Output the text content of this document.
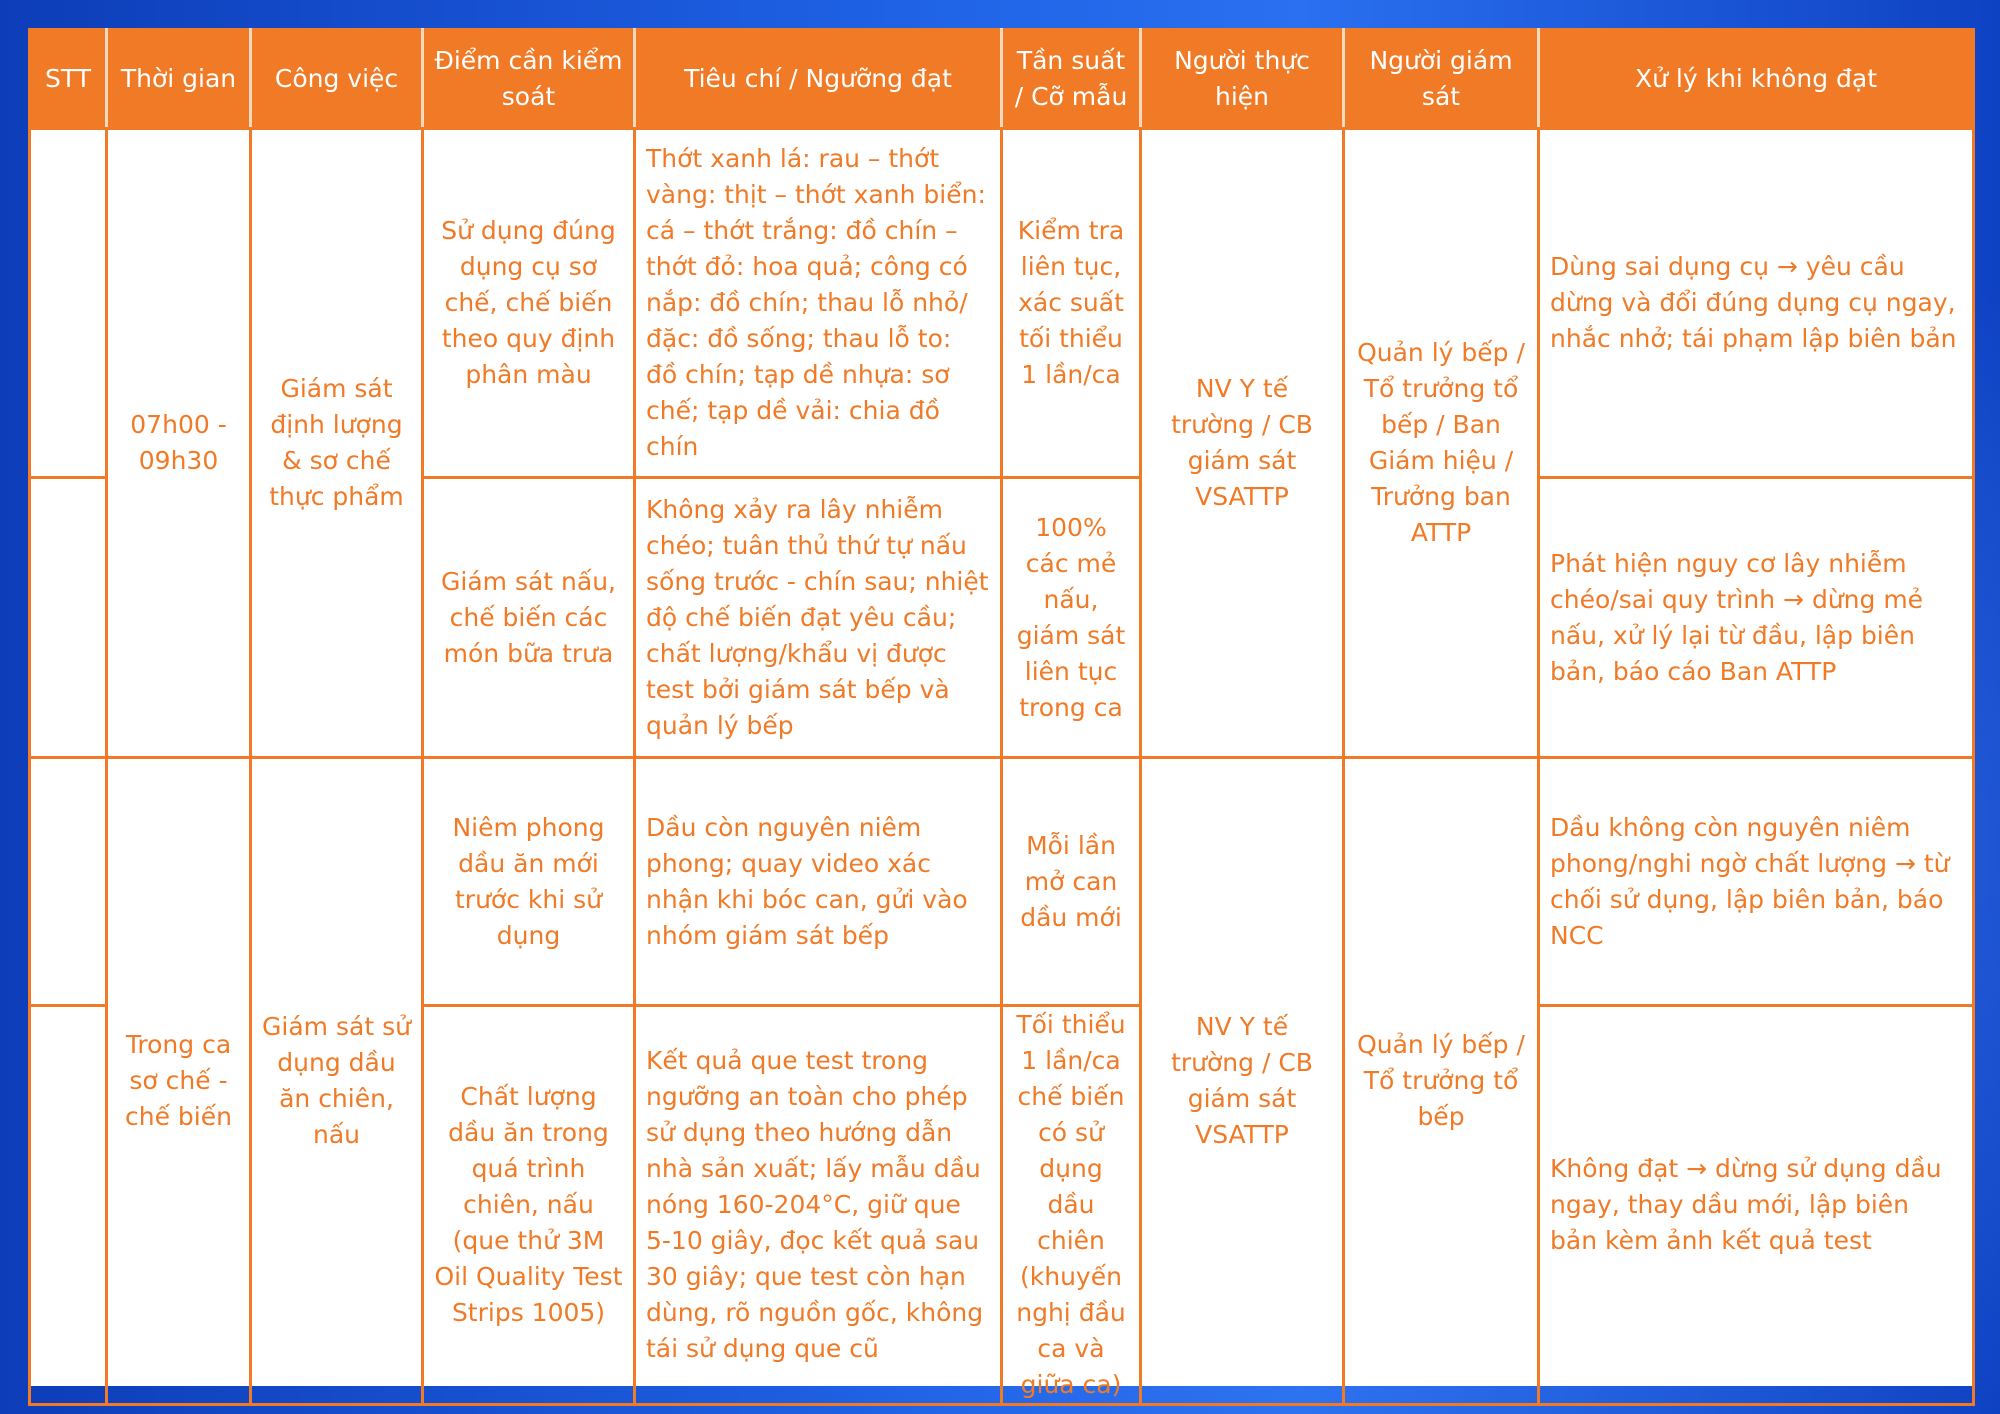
STT	Thời gian	Công việc	Điểm cần kiểm soát	Tiêu chí / Ngưỡng đạt	Tần suất / Cỡ mẫu	Người thực hiện	Người giám sát	Xử lý khi không đạt
	07h00 - 09h30	Giám sát định lượng & sơ chế thực phẩm	Sử dụng đúng dụng cụ sơ chế, chế biến theo quy định phân màu	Thớt xanh lá: rau – thớt vàng: thịt – thớt xanh biển: cá – thớt trắng: đồ chín – thớt đỏ: hoa quả; công có nắp: đồ chín; thau lỗ nhỏ/ đặc: đồ sống; thau lỗ to: đồ chín; tạp dề nhựa: sơ chế; tạp dề vải: chia đồ chín	Kiểm tra liên tục, xác suất tối thiểu 1 lần/ca	NV Y tế trường / CB giám sát VSATTP	Quản lý bếp / Tổ trưởng tổ bếp / Ban Giám hiệu / Trưởng ban ATTP	Dùng sai dụng cụ → yêu cầu dừng và đổi đúng dụng cụ ngay, nhắc nhở; tái phạm lập biên bản
			Giám sát nấu, chế biến các món bữa trưa	Không xảy ra lây nhiễm chéo; tuân thủ thứ tự nấu sống trước - chín sau; nhiệt độ chế biến đạt yêu cầu; chất lượng/khẩu vị được test bởi giám sát bếp và quản lý bếp	100% các mẻ nấu, giám sát liên tục trong ca			Phát hiện nguy cơ lây nhiễm chéo/sai quy trình → dừng mẻ nấu, xử lý lại từ đầu, lập biên bản, báo cáo Ban ATTP
	Trong ca sơ chế - chế biến	Giám sát sử dụng dầu ăn chiên, nấu	Niêm phong dầu ăn mới trước khi sử dụng	Dầu còn nguyên niêm phong; quay video xác nhận khi bóc can, gửi vào nhóm giám sát bếp	Mỗi lần mở can dầu mới	NV Y tế trường / CB giám sát VSATTP	Quản lý bếp / Tổ trưởng tổ bếp	Dầu không còn nguyên niêm phong/nghi ngờ chất lượng → từ chối sử dụng, lập biên bản, báo NCC
			Chất lượng dầu ăn trong quá trình chiên, nấu (que thử 3M Oil Quality Test Strips 1005)	Kết quả que test trong ngưỡng an toàn cho phép sử dụng theo hướng dẫn nhà sản xuất; lấy mẫu dầu nóng 160-204°C, giữ que 5-10 giây, đọc kết quả sau 30 giây; que test còn hạn dùng, rõ nguồn gốc, không tái sử dụng que cũ	Tối thiểu 1 lần/ca chế biến có sử dụng dầu chiên (khuyến nghị đầu ca và giữa ca)			Không đạt → dừng sử dụng dầu ngay, thay dầu mới, lập biên bản kèm ảnh kết quả test
